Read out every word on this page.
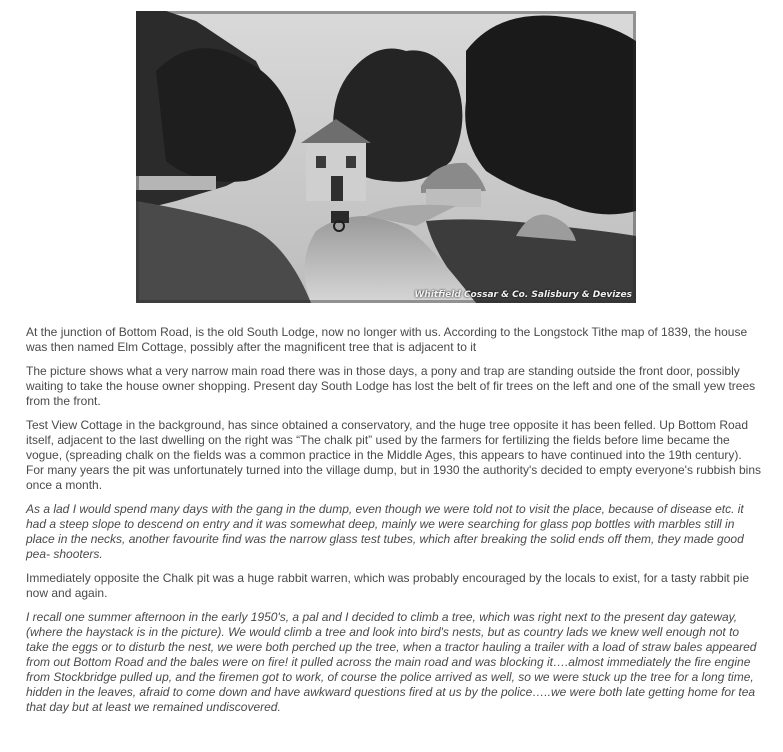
Whitfield Cossar & Co. Salisbury & Devizes

At the junction of Bottom Road, is the old South Lodge, now no longer with us. According to the Longstock Tithe map of 1839, the house was then named Elm Cottage, possibly after the magnificent tree that is adjacent to it

The picture shows what a very narrow main road there was in those days, a pony and trap are standing outside the front door, possibly waiting to take the house owner shopping. Present day South Lodge has lost the belt of fir trees on the left and one of the small yew trees from the front.

Test View Cottage in the background, has since obtained a conservatory, and the huge tree opposite it has been felled. Up Bottom Road itself, adjacent to the last dwelling on the right was “The chalk pit” used by the farmers for fertilizing the fields before lime became the vogue, (spreading chalk on the fields was a common practice in the Middle Ages, this appears to have continued into the 19th century). For many years the pit was unfortunately turned into the village dump, but in 1930 the authority's decided to empty everyone's rubbish bins once a month.

As a lad I would spend many days with the gang in the dump, even though we were told not to visit the place, because of disease etc. it had a steep slope to descend on entry and it was somewhat deep, mainly we were searching for glass pop bottles with marbles still in place in the necks, another favourite find was the narrow glass test tubes, which after breaking the solid ends off them, they made good pea- shooters.

Immediately opposite the Chalk pit was a huge rabbit warren, which was probably encouraged by the locals to exist, for a tasty rabbit pie now and again.

I recall one summer afternoon in the early 1950's, a pal and I decided to climb a tree, which was right next to the present day gateway, (where the haystack is in the picture). We would climb a tree and look into bird's nests, but as country lads we knew well enough not to take the eggs or to disturb the nest, we were both perched up the tree, when a tractor hauling a trailer with a load of straw bales appeared from out Bottom Road and the bales were on fire! it pulled across the main road and was blocking it….almost immediately the fire engine from Stockbridge pulled up, and the firemen got to work, of course the police arrived as well, so we were stuck up the tree for a long time, hidden in the leaves, afraid to come down and have awkward questions fired at us by the police…..we were both late getting home for tea that day but at least we remained undiscovered.
